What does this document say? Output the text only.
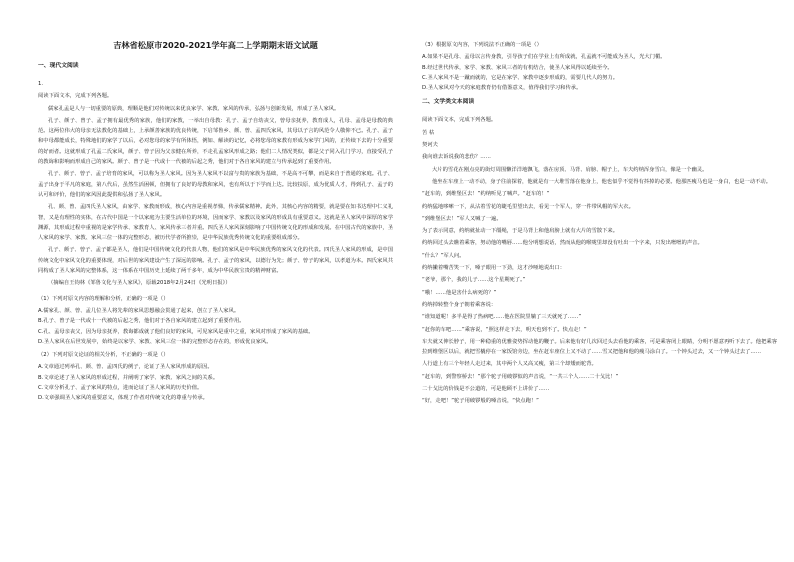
吉林省松原市2020-2021学年高二上学期期末语文试题
一、现代文阅读

1.

阅读下面文本，完成下列各题。

儒家孔孟是人与一切重要的原典，理顺是他们对传统以来优良家学、家教、家风的传承，弘扬与创新发展，形成了圣人家风。

孔子、颜子、曾子、孟子拥有最优秀的家族，他们的家教，一举出自母教：孔子、孟子自幼丧父，曾母亲抚养，教育成人，孔母、孟母是母教的典范。这两位伟大的母亲无法教化的基础上，上承颜善家族的优良传统，下启邹鲁乡、颜、曾、孟四氏家风，其母以子言的风范令人敬仰不已。孔子、孟子和中母都能成长，特殊地们的家学了以后，必对您母的家学有所体悟，例如、解读的记忆，必将您母的家教有形成为家学门风的，正传续下去的十分重要的好而者。这就形成了孔孟二氏家风，颜子、曾子因为父亲健在所养，不走孔孟家风形成之路；他们二人情况类似，都是父子同入孔门学习，直接受孔子的教诲和影响而形成自己的家风。颜子、曾子是一代或十一代被的后起之秀，他们对于各自家风的建立与传承起到了重要作用。

孔子、颜子、曾子、孟子培育的家风，可以称为圣人家风。因为圣人家风不以富与贵的家族为基础，不是高不可攀，而是来自于普通的家庭。孔子、孟子出身于平凡的家庭，第八代后，虽然生活困顿，但拥有了良好的母教和家风，也有所以于下学而上达。比较扶原，成为优质人才，得到孔子、孟子的认可和评价，他们的家风因此提供和弘扬了圣人家风。

孔、颜、曾、孟四氏圣人家风，由家学、家教而形成，核心内容是重视孝悌，传承儒家精神。此外，其核心内容的精要，就是要在知书达理中仁义礼智，又是有理性的实体，在古代中国是一个以家庭为主要生活单位的环境，因而家学、家教以及家风的形成具有重要意义。这就是圣人家风中深厚的家学渊源，其形成过程中重视的是家学传承、家教育人、家风传承三者并重。四氏圣人家风深刻影响了中国传统文化的形成和发展。在中国古代的家族中，圣人家风的家学、家教、家风三位一体的完整形态，被历代学者所推崇，是中华民族优秀传统文化的重要组成部分。

孔子、颜子、曾子、孟子都是圣人，他们是中国传统文化的代表人物，他们的家风是中华民族优秀的家风文化的代表。四氏圣人家风的形成，是中国传统文化中家风文化的重要体现，对后世的家风建设产生了深远的影响。孔子、孟子的家风，以德行为先；颜子、曾子的家风，以孝道为本。四氏家风共同构成了圣人家风的完整体系，这一体系在中国历史上延续了两千多年，成为中华民族宝贵的精神财富。

（摘编自王钧林《邹鲁文化与圣人家风》，原载2018年2月24日《光明日报》）

（1）下列对原文内容的理解和分析，正确的一项是（）

A.儒家孔、颜、曾、孟几位圣人将先辈的家风思想融会贯通了起来，创立了圣人家风。

B.孔子、曾子是一代或十一代被的后起之秀，他们对于各自家风的建立起到了重要作用。

C.孔、孟母亲丧父，因为母亲抚养，教诲都成就了他们良好的家风，可见家风是重中之重，家风对形成了家风的基础。

D.圣人家风在后世发展中，始终是以家学、家教、家风三位一体的完整形态存在的，形成优良家风。

（2）下列对原文论证的相关分析，不正确的一项是（）

A.文章通过列举孔、颜、曾、孟四氏的例子，论证了圣人家风形成的原因。

B.文章论述了圣人家风的形成过程，并阐明了家学、家教、家风之间的关系。

C.文章分析孔子、孟子家风的特点，进而论证了圣人家风的历史价值。

D.文章强调圣人家风的重要意义，体现了作者对传统文化的尊重与传承。

（3）根据原文内容，下列说法不正确的一项是（）

A.如果不是孔母、孟母以言传身教，引导孩子们在学业上有所成就，孔孟就不可能成为圣人，光大门楣。

B.经过世代传承，家学、家教、家风三者的有机结合，使圣人家风得以延续至今。

C.圣人家风不是一蹴而就的，它是在家学、家教中逐步形成的，需要几代人的努力。

D.圣人家风对今天的家庭教育仍有借鉴意义，值得我们学习和传承。

二、文学类文本阅读

阅读下面文本，完成下列各题。

苦 枯

契诃夫

我向谁去诉说我的悲伤？……

大片的雪花在刚点亮的街灯周围懒洋洋地飘飞，落在房顶、马背、肩膀、帽子上，车夫约纳浑身雪白，像是一个幽灵。

他坐在车座上一动不动，身子往前探着，他就是有一大堆雪落在他身上，他也似乎不觉得有抖掉的必要。他那匹瘦马也是一身白，也是一动不动。

“赶车的，到维堡区去！”约纳听见了喊声。“赶车的！”

约纳猛地哆嗦一下，从沾着雪花的睫毛里望出去，看见一个军人，穿一件带风帽的军大衣。

“到维堡区去！”军人又喊了一遍。

为了表示同意，约纳就扯动一下缰绳，于是马背上和他肩膀上就有大片的雪散下来。

约纳回过头去瞧着乘客，努动他的嘴唇……他分明想说话，然而从他的喉咙里却没有吐出一个字来，只发出咝咝的声音。

“什么？”军人问。

约纳撇着嘴苦笑一下，嗓子眼用一下劲，这才沙哑地说出口：

“老爷，那个，我的儿子……这个星期死了。”

“哦！……他是害什么病死的？”

约纳掉转整个身子朝着乘客说：

“谁知道呢！多半是得了热病吧……他在医院里躺了三天就死了……”

“赶你的车吧……”乘客说，“照这样走下去，明天也到不了。快点走！”

车夫就又伸长脖子，用一种稳重的优雅姿势挥动他的鞭子。后来他有好几次回过头去看他的乘客，可是乘客闭上眼睛，分明不愿意再听下去了。他把乘客拉到维堡区以后，就把雪橇停在一家饭馆旁边，坐在赶车座位上又不动了……雪又把他和他的瘦马涂白了。一个钟头过去，又一个钟头过去了……

人行道上有三个年轻人走过来，其中两个人又高又瘦，第三个却矮而驼背。

“赶车的，到警察桥去！”那个驼子用破锣似的声音说，“一共三个人……二十戈比！”

二十戈比的价钱是不公道的，可是他顾不上讲价了……

“好，走吧！”驼子用破锣般的嗓音说，“快点跑！”
